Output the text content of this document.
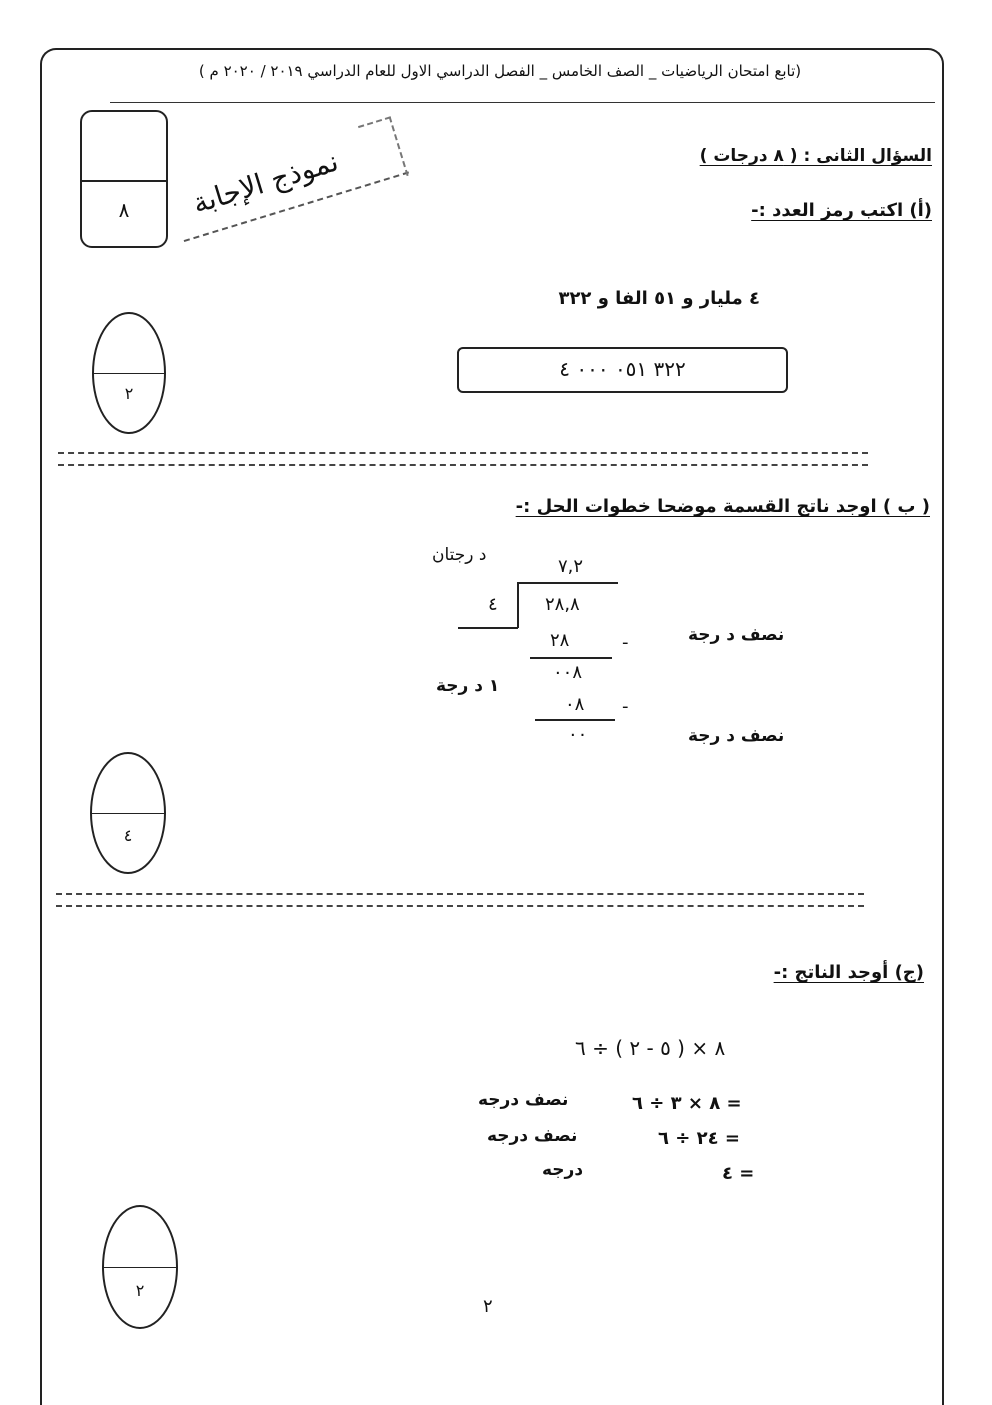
(تابع امتحان الرياضيات _ الصف الخامس _ الفصل الدراسي الاول للعام الدراسي ٢٠١٩ / ٢٠٢٠ م )
٨	نموذج الإجابة	السؤال الثانى : ( ٨ درجات )
(أ) اكتب رمز العدد :-
٤ مليار و ٥١ الفا و ٣٢٢
٣٢٢ ٠٥١ ٠٠٠ ٤
٢
( ب ) اوجد ناتج القسمة موضحا خطوات الحل :-
د رجتان
٧,٢
٤	٢٨,٨
٢٨	-	نصف د رجة
٠٠٨
١ د رجة
٠٨ -
٠٠	نصف د رجة
٤
(ج) أوجد الناتج :-
٨ × ( ٥ - ٢ ) ÷ ٦
= ٨ × ٣ ÷ ٦
نصف درجه
= ٢٤ ÷ ٦
نصف درجه
= ٤
درجه
٢
٢
